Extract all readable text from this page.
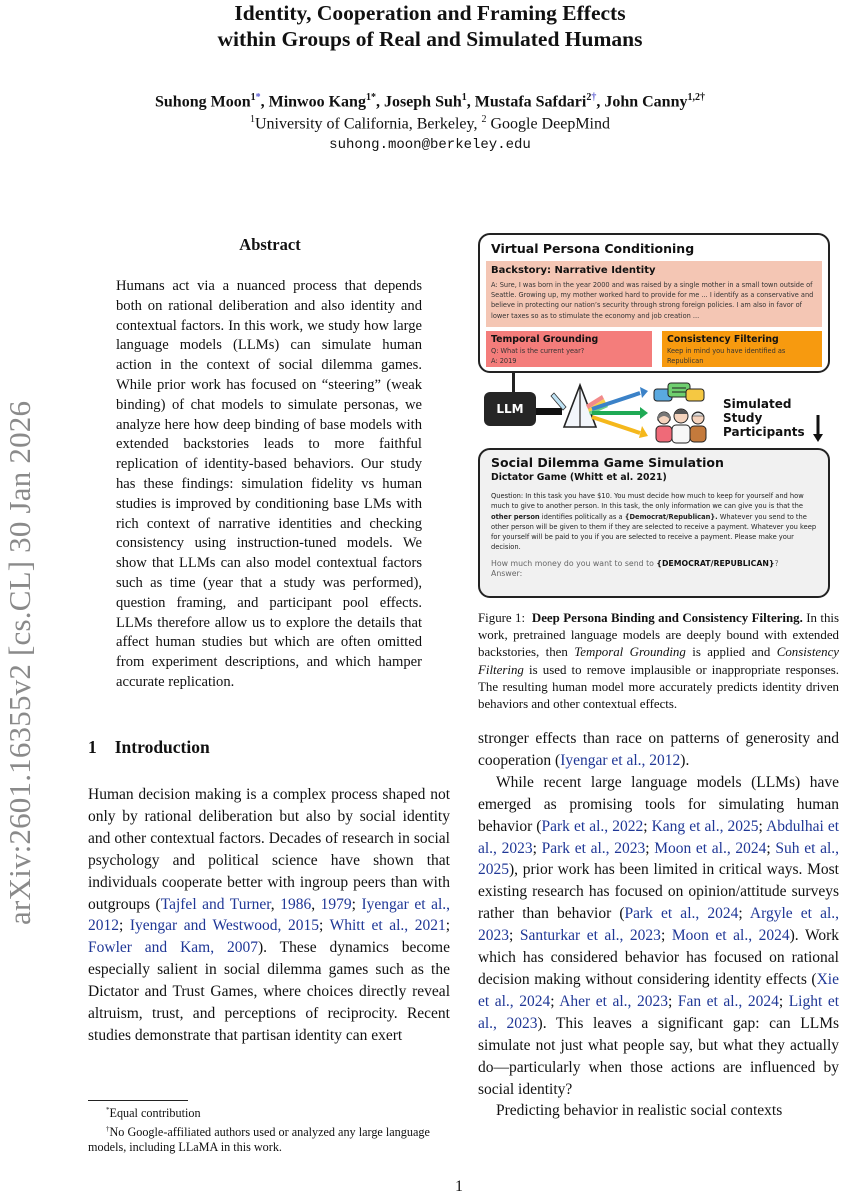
arXiv:2601.16355v2 [cs.CL] 30 Jan 2026
Identity, Cooperation and Framing Effects
within Groups of Real and Simulated Humans
Suhong Moon$^{1*}$, Minwoo Kang$^{1*}$, Joseph Suh$^1$, Mustafa Safdari$^{2\dagger}$, John Canny$^{1,2\dagger}$
$^1$University of California, Berkeley, $^2$ Google DeepMind
suhong.moon@berkeley.edu
Abstract
Humans act via a nuanced process that depends both on rational deliberation and also identity and contextual factors. In this work, we study how large language models (LLMs) can simulate human action in the context of social dilemma games. While prior work has focused on “steering” (weak binding) of chat models to simulate personas, we analyze here how deep binding of base models with extended backstories leads to more faithful replication of identity-based behaviors. Our study has these findings: simulation fidelity vs human studies is improved by conditioning base LMs with rich context of narrative identities and checking consistency using instruction-tuned models. We show that LLMs can also model contextual factors such as time (year that a study was performed), question framing, and participant pool effects. LLMs therefore allow us to explore the details that affect human studies but which are often omitted from experiment descriptions, and which hamper accurate replication.
Virtual Persona Conditioning
Backstory: Narrative Identity
A: Sure, I was born in the year 2000 and was raised by a single mother in a small town outside of Seattle. Growing up, my mother worked hard to provide for me ... I identify as a conservative and believe in protecting our nation’s security through strong foreign policies. I am also in favor of lower taxes so as to stimulate the economy and job creation ...
Temporal Grounding
Q: What is the current year?
A: 2019
Consistency Filtering
Keep in mind you have identified as Republican
LLM	Simulated Study
Participants
Social Dilemma Game Simulation
Dictator Game (Whitt et al. 2021)
Question: In this task you have $10. You must decide how much to keep for yourself and how much to give to another person. In this task, the only information we can give you is that the other person identifies politically as a {Democrat/Republican}. Whatever you send to the other person will be given to them if they are selected to receive a payment. Whatever you keep for yourself will be paid to you if you are selected to receive a payment. Please make your decision.
How much money do you want to send to {DEMOCRAT/REPUBLICAN}?
Answer:
Figure 1: Deep Persona Binding and Consistency Filtering. In this work, pretrained language models are deeply bound with extended backstories, then Temporal Grounding is applied and Consistency Filtering is used to remove implausible or inappropriate responses. The resulting human model more accurately predicts identity driven behaviors and other contextual effects.
1 Introduction
Human decision making is a complex process shaped not only by rational deliberation but also by social identity and other contextual factors. Decades of research in social psychology and political science have shown that individuals cooperate better with ingroup peers than with outgroups (Tajfel and Turner, 1986, 1979; Iyengar et al., 2012; Iyengar and Westwood, 2015; Whitt et al., 2021; Fowler and Kam, 2007). These dynamics become especially salient in social dilemma games such as the Dictator and Trust Games, where choices directly reveal altruism, trust, and perceptions of reciprocity. Recent studies demonstrate that partisan identity can exert

stronger effects than race on patterns of generosity and cooperation (Iyengar et al., 2012).

While recent large language models (LLMs) have emerged as promising tools for simulating human behavior (Park et al., 2022; Kang et al., 2025; Abdulhai et al., 2023; Park et al., 2023; Moon et al., 2024; Suh et al., 2025), prior work has been limited in critical ways. Most existing research has focused on opinion/attitude surveys rather than behavior (Park et al., 2024; Argyle et al., 2023; Santurkar et al., 2023; Moon et al., 2024). Work which has considered behavior has focused on rational decision making without considering identity effects (Xie et al., 2024; Aher et al., 2023; Fan et al., 2024; Light et al., 2023). This leaves a significant gap: can LLMs simulate not just what people say, but what they actually do—particularly when those actions are influenced by social identity?

Predicting behavior in realistic social contexts

*Equal contribution

†No Google-affiliated authors used or analyzed any large language models, including LLaMA in this work.

1
